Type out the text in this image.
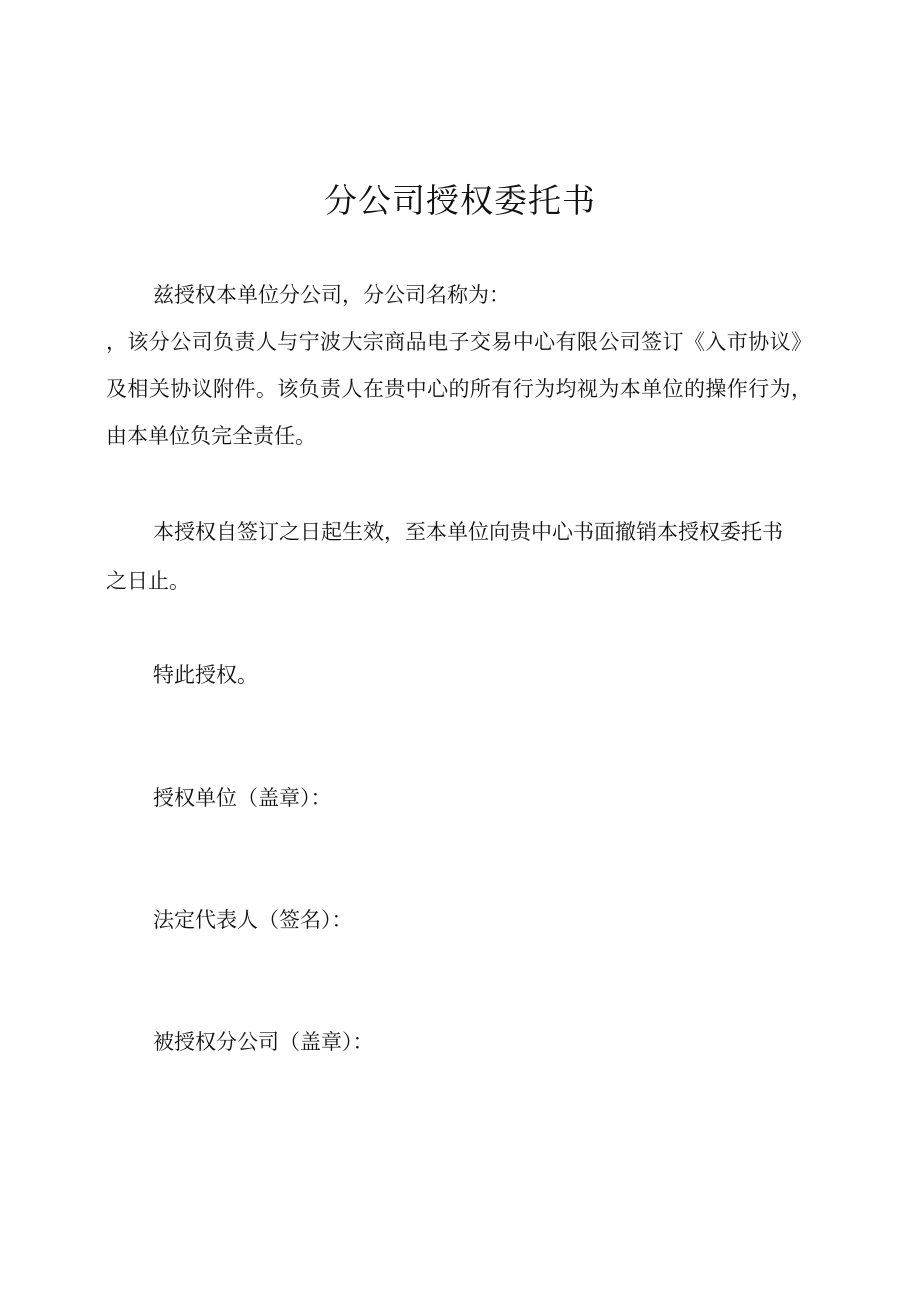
分公司授权委托书

兹授权本单位分公司，分公司名称为：

，该分公司负责人与宁波大宗商品电子交易中心有限公司签订《入市协议》

及相关协议附件。该负责人在贵中心的所有行为均视为本单位的操作行为，

由本单位负完全责任。

本授权自签订之日起生效，至本单位向贵中心书面撤销本授权委托书

之日止。

特此授权。

授权单位（盖章）：

法定代表人（签名）：

被授权分公司（盖章）：
